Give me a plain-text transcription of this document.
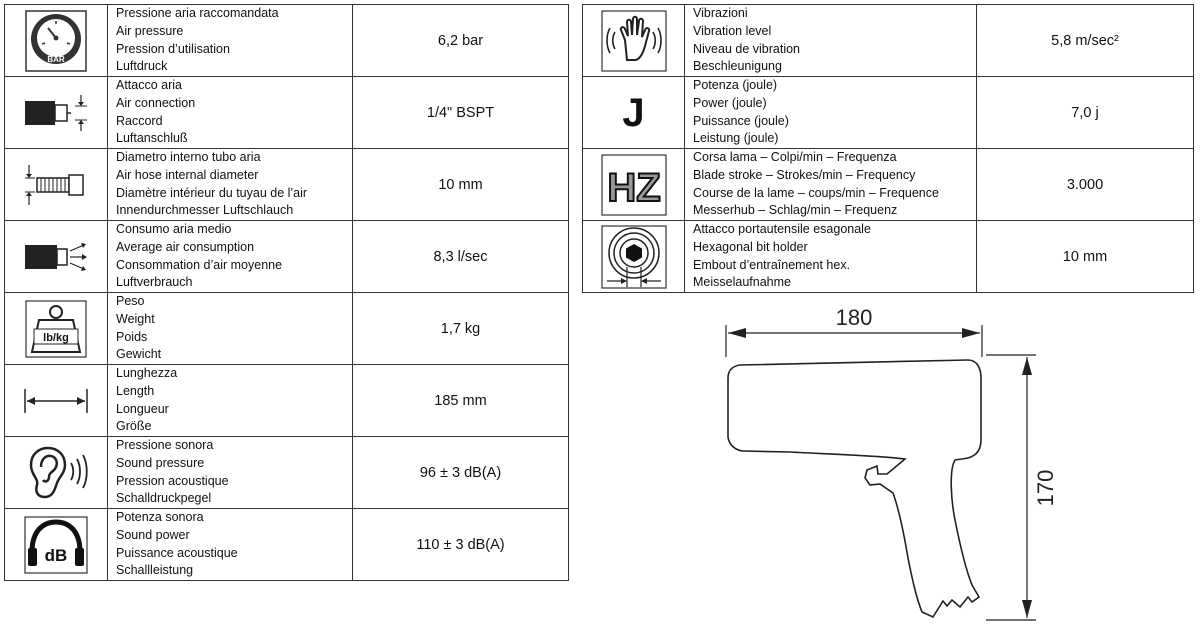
BAR	Pressione aria raccomandata
Air pressure
Pression d’utilisation
Luftdruck	6,2 bar

Attacco aria
Air connection
Raccord
Luftanschluß	1/4" BSPT

Diametro interno tubo aria
Air hose internal diameter
Diamètre intérieur du tuyau de l’air
Innendurchmesser Luftschlauch	10 mm

Consumo aria medio
Average air consumption
Consommation d’air moyenne
Luftverbrauch	8,3 l/sec

lb/kg	Peso
Weight
Poids
Gewicht	1,7 kg

Lunghezza
Length
Longueur
Größe	185 mm

Pressione sonora
Sound pressure
Pression acoustique
Schalldruckpegel	96 ± 3 dB(A)

dB	Potenza sonora
Sound power
Puissance acoustique
Schallleistung	110 ± 3 dB(A)

Vibrazioni
Vibration level
Niveau de vibration
Beschleunigung	5,8 m/sec²
J	Potenza (joule)
Power (joule)
Puissance (joule)
Leistung (joule)	7,0 j

HZ	Corsa lama – Colpi/min – Frequenza
Blade stroke – Strokes/min – Frequency
Course de la lame – coups/min – Frequence
Messerhub – Schlag/min – Frequenz	3.000

Attacco portautensile esagonale
Hexagonal bit holder
Embout d’entraînement hex.
Meisselaufnahme	10 mm
180
170
